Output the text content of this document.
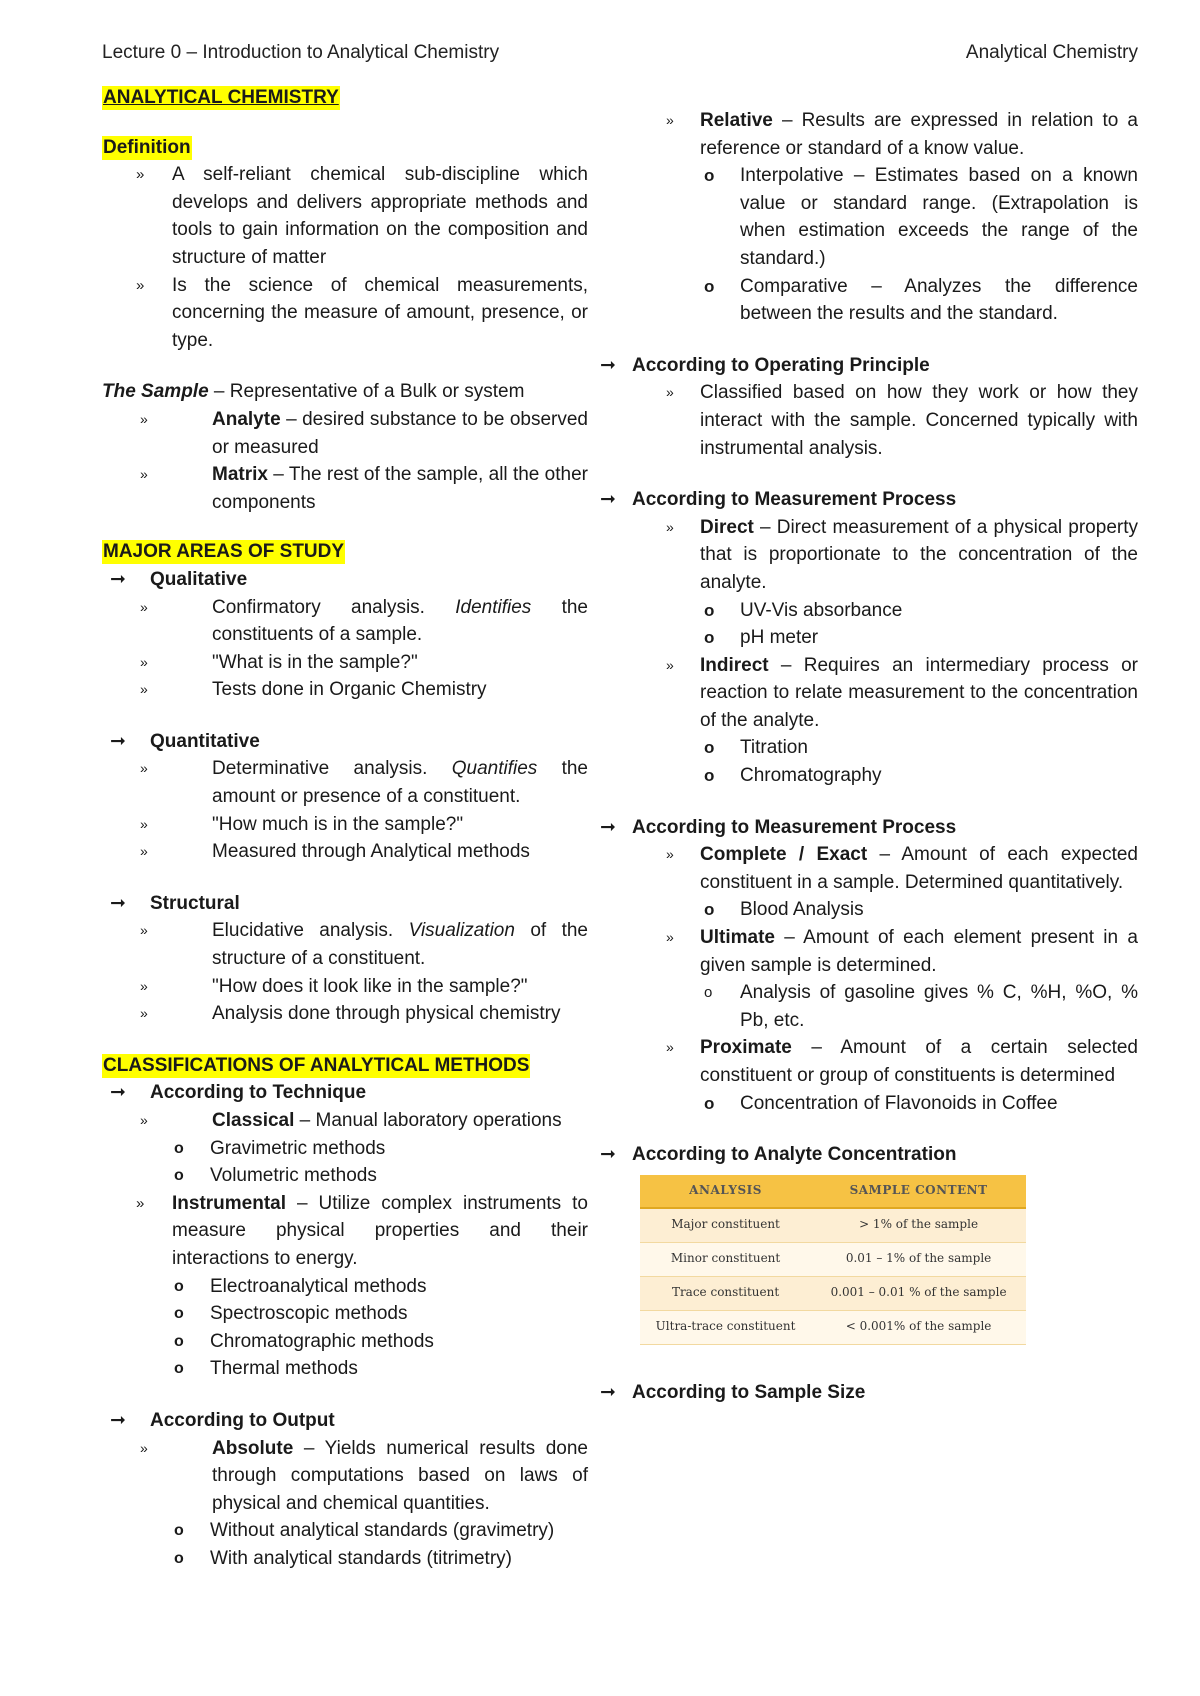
Lecture 0 – Introduction to Analytical Chemistry	Analytical Chemistry
ANALYTICAL CHEMISTRY
Definition
»	A self-reliant chemical sub-discipline which develops and delivers appropriate methods and tools to gain information on the composition and structure of matter
»	Is the science of chemical measurements, concerning the measure of amount, presence, or type.
The Sample – Representative of a Bulk or system
»	Analyte – desired substance to be observed or measured
»	Matrix – The rest of the sample, all the other components
MAJOR AREAS OF STUDY
➞	Qualitative
»	Confirmatory analysis. Identifies the constituents of a sample.
»	"What is in the sample?"
»	Tests done in Organic Chemistry
➞	Quantitative
»	Determinative analysis. Quantifies the amount or presence of a constituent.
»	"How much is in the sample?"
»	Measured through Analytical methods
➞	Structural
»	Elucidative analysis. Visualization of the structure of a constituent.
»	"How does it look like in the sample?"
»	Analysis done through physical chemistry
CLASSIFICATIONS OF ANALYTICAL METHODS
➞	According to Technique
»	Classical – Manual laboratory operations
o	Gravimetric methods
o	Volumetric methods
»	Instrumental – Utilize complex instruments to measure physical properties and their interactions to energy.
o	Electroanalytical methods
o	Spectroscopic methods
o	Chromatographic methods
o	Thermal methods
➞	According to Output
»	Absolute – Yields numerical results done through computations based on laws of physical and chemical quantities.
o	Without analytical standards (gravimetry)
o	With analytical standards (titrimetry)
»	Relative – Results are expressed in relation to a reference or standard of a know value.
o	Interpolative – Estimates based on a known value or standard range. (Extrapolation is when estimation exceeds the range of the standard.)
o	Comparative – Analyzes the difference between the results and the standard.
➞ According to Operating Principle
»	Classified based on how they work or how they interact with the sample. Concerned typically with instrumental analysis.
➞ According to Measurement Process
»	Direct – Direct measurement of a physical property that is proportionate to the concentration of the analyte.
o	UV-Vis absorbance
o	pH meter
»	Indirect – Requires an intermediary process or reaction to relate measurement to the concentration of the analyte.
o	Titration
o	Chromatography
➞ According to Measurement Process
»	Complete / Exact – Amount of each expected constituent in a sample. Determined quantitatively.
o	Blood Analysis
»	Ultimate – Amount of each element present in a given sample is determined.
o	Analysis of gasoline gives % C, %H, %O, % Pb, etc.
»	Proximate – Amount of a certain selected constituent or group of constituents is determined
o	Concentration of Flavonoids in Coffee
➞ According to Analyte Concentration
ANALYSIS	SAMPLE CONTENT
Major constituent	> 1% of the sample
Minor constituent	0.01 – 1% of the sample
Trace constituent	0.001 – 0.01 % of the sample
Ultra-trace constituent	< 0.001% of the sample
➞ According to Sample Size
